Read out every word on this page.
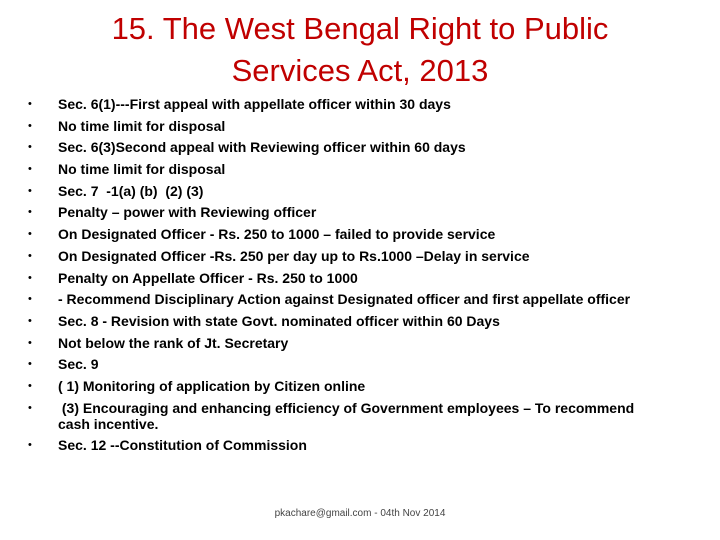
15. The West Bengal Right to Public
Services Act, 2013
• Sec. 6(1)---First appeal with appellate officer within 30 days
• No time limit for disposal
• Sec. 6(3)Second appeal with Reviewing officer within 60 days
• No time limit for disposal
• Sec. 7  -1(a) (b)  (2) (3)
• Penalty – power with Reviewing officer
• On Designated Officer - Rs. 250 to 1000 – failed to provide service
• On Designated Officer -Rs. 250 per day up to Rs.1000 –Delay in service
• Penalty on Appellate Officer - Rs. 250 to 1000
• - Recommend Disciplinary Action against Designated officer and first appellate officer
• Sec. 8 - Revision with state Govt. nominated officer within 60 Days
• Not below the rank of Jt. Secretary
• Sec. 9
• ( 1) Monitoring of application by Citizen online
• (3) Encouraging and enhancing efficiency of Government employees – To recommend cash incentive.
• Sec. 12 --Constitution of Commission
pkachare@gmail.com - 04th Nov 2014
